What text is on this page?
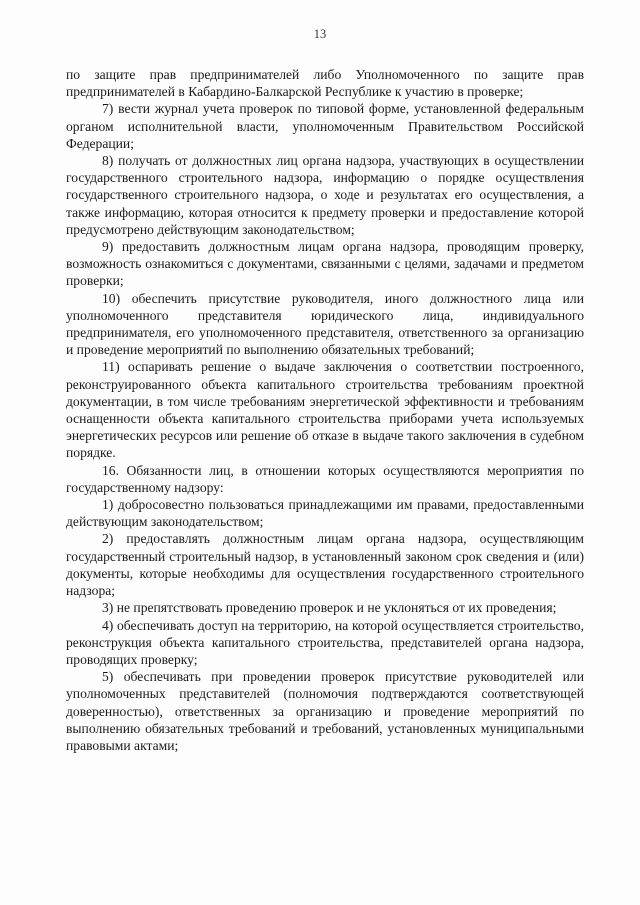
13

по защите прав предпринимателей либо Уполномоченного по защите прав предпринимателей в Кабардино-Балкарской Республике к участию в проверке;

7) вести журнал учета проверок по типовой форме, установленной федеральным органом исполнительной власти, уполномоченным Правительством Российской Федерации;

8) получать от должностных лиц органа надзора, участвующих в осуществлении государственного строительного надзора, информацию о порядке осуществления государственного строительного надзора, о ходе и результатах его осуществления, а также информацию, которая относится к предмету проверки и предоставление которой предусмотрено действующим законодательством;

9) предоставить должностным лицам органа надзора, проводящим проверку, возможность ознакомиться с документами, связанными с целями, задачами и предметом проверки;

10) обеспечить присутствие руководителя, иного должностного лица или уполномоченного представителя юридического лица, индивидуального предпринимателя, его уполномоченного представителя, ответственного за организацию и проведение мероприятий по выполнению обязательных требований;

11) оспаривать решение о выдаче заключения о соответствии построенного, реконструированного объекта капитального строительства требованиям проектной документации, в том числе требованиям энергетической эффективности и требованиям оснащенности объекта капитального строительства приборами учета используемых энергетических ресурсов или решение об отказе в выдаче такого заключения в судебном порядке.

16. Обязанности лиц, в отношении которых осуществляются мероприятия по государственному надзору:

1) добросовестно пользоваться принадлежащими им правами, предоставленными действующим законодательством;

2) предоставлять должностным лицам органа надзора, осуществляющим государственный строительный надзор, в установленный законом срок сведения и (или) документы, которые необходимы для осуществления государственного строительного надзора;

3) не препятствовать проведению проверок и не уклоняться от их проведения;

4) обеспечивать доступ на территорию, на которой осуществляется строительство, реконструкция объекта капитального строительства, представителей органа надзора, проводящих проверку;

5) обеспечивать при проведении проверок присутствие руководителей или уполномоченных представителей (полномочия подтверждаются соответствующей доверенностью), ответственных за организацию и проведение мероприятий по выполнению обязательных требований и требований, установленных муниципальными правовыми актами;
